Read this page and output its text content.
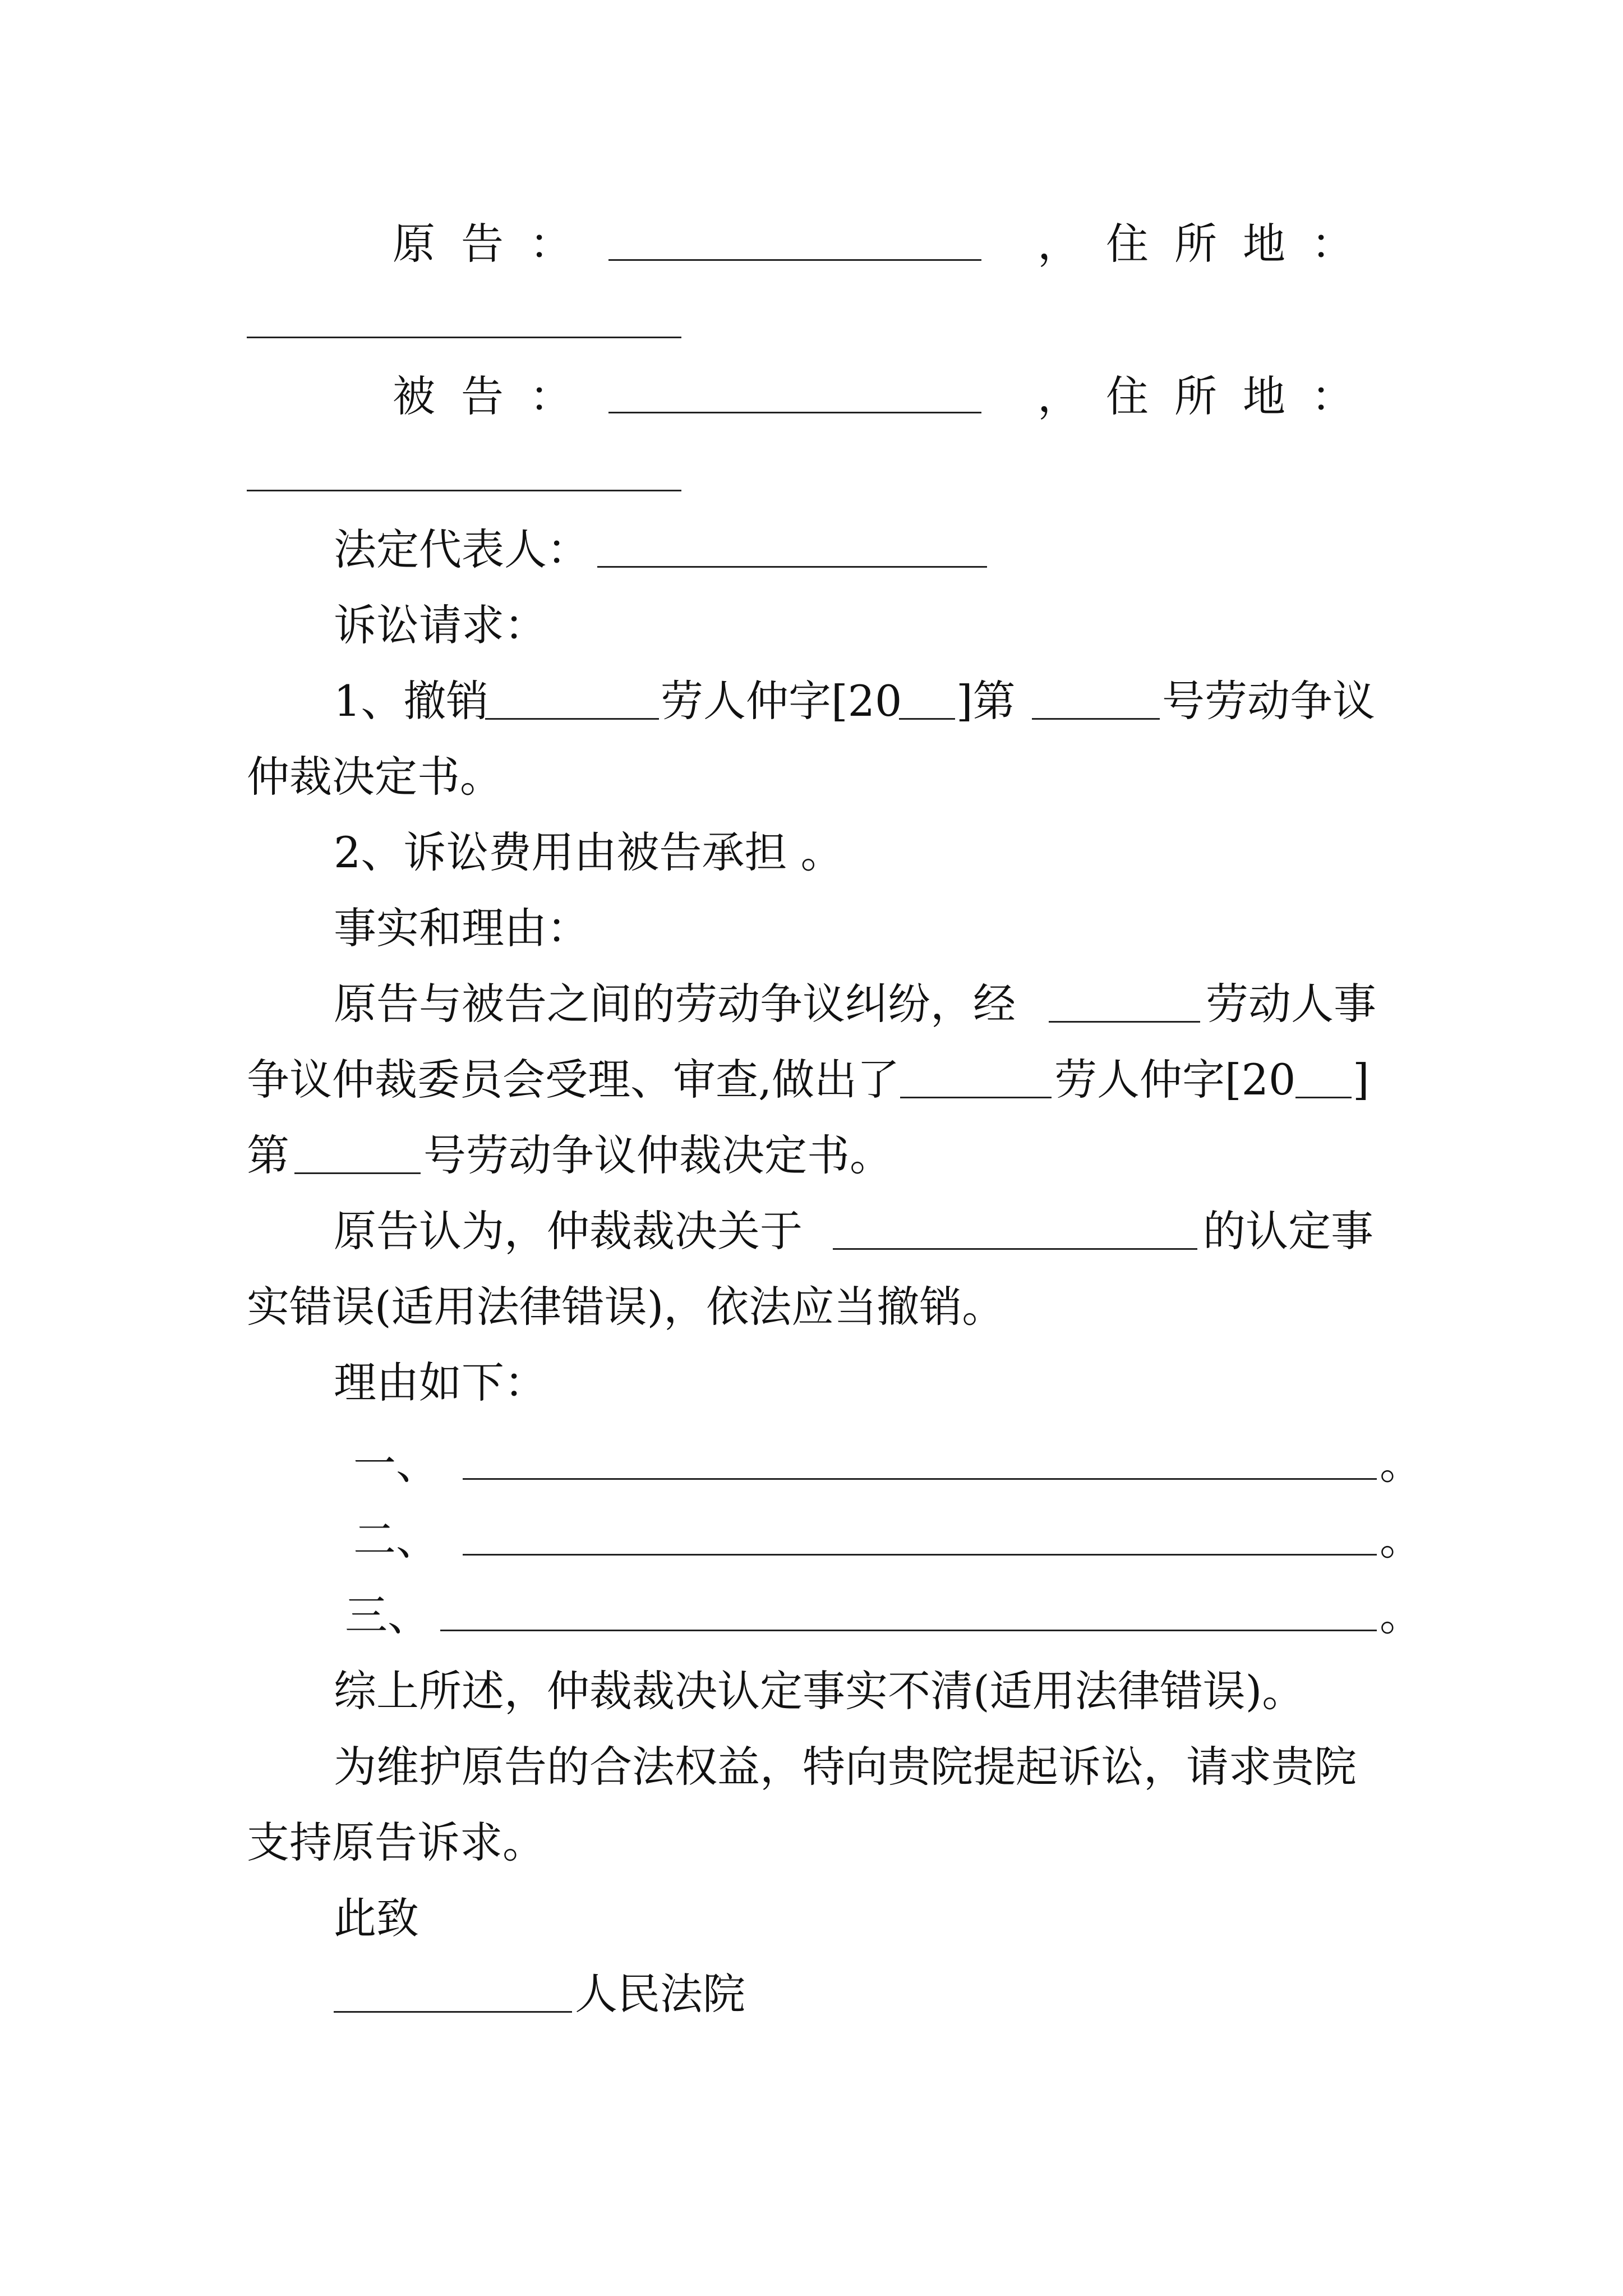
原告：	，住所地：
被告：	，住所地：
法定代表人：
诉讼请求：
1、撤销	劳人仲字[20 ]第	号劳动争议
仲裁决定书。
2、诉讼费用由被告承担 。
事实和理由：
原告与被告之间的劳动争议纠纷，经	劳动人事
争议仲裁委员会受理、审查,做出了	劳人仲字[20 ]
第	号劳动争议仲裁决定书。
原告认为，仲裁裁决关于	的认定事
实错误(适用法律错误)，依法应当撤销。
理由如下：
一、	。
二、	。
三、	。
综上所述，仲裁裁决认定事实不清(适用法律错误)。
为维护原告的合法权益，特向贵院提起诉讼，请求贵院
支持原告诉求。
此致
人民法院
